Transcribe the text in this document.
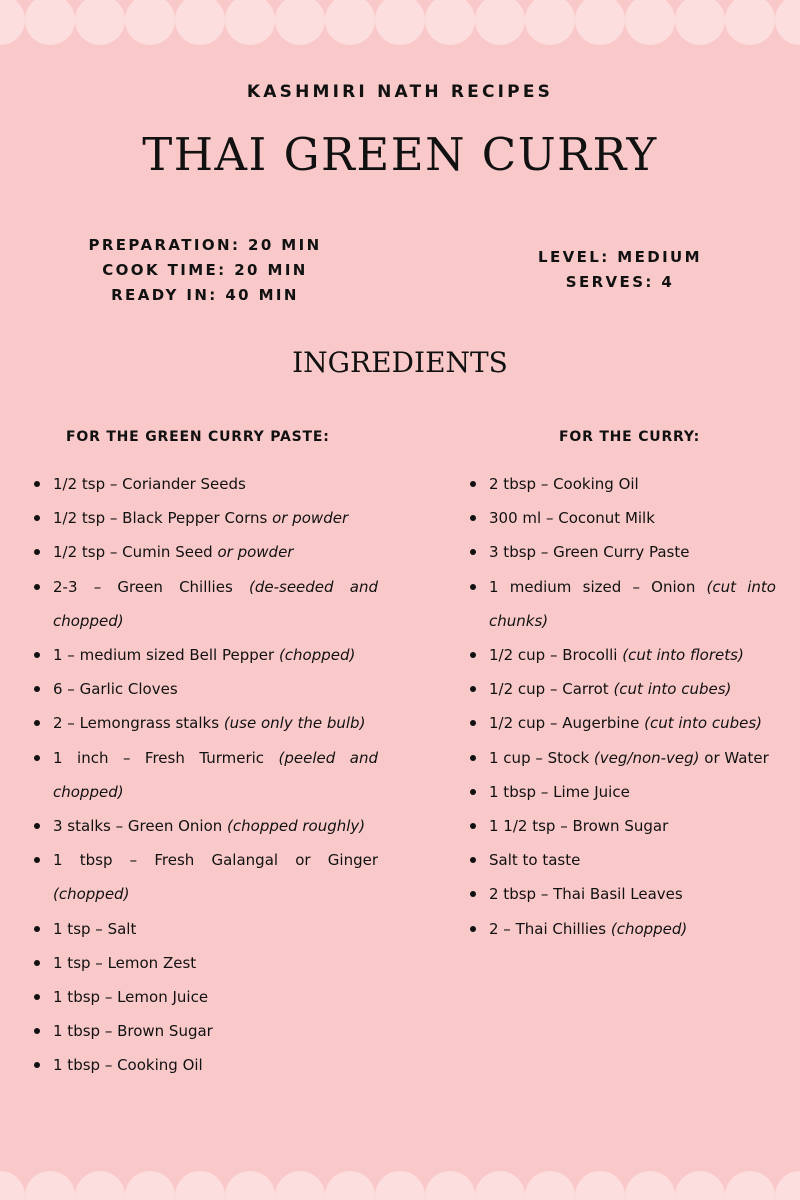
KASHMIRI NATH RECIPES
THAI GREEN CURRY
PREPARATION: 20 MIN
COOK TIME: 20 MIN
READY IN: 40 MIN
LEVEL: MEDIUM
SERVES: 4
INGREDIENTS
FOR THE GREEN CURRY PASTE:	FOR THE CURRY:
1/2 tsp – Coriander Seeds
1/2 tsp – Black Pepper Corns or powder
1/2 tsp – Cumin Seed or powder
2-3 – Green Chillies (de-seeded and chopped)
1 – medium sized Bell Pepper (chopped)
6 – Garlic Cloves
2 – Lemongrass stalks (use only the bulb)
1 inch – Fresh Turmeric (peeled and chopped)
3 stalks – Green Onion (chopped roughly)
1 tbsp – Fresh Galangal or Ginger (chopped)
1 tsp – Salt
1 tsp – Lemon Zest
1 tbsp – Lemon Juice
1 tbsp – Brown Sugar
1 tbsp – Cooking Oil
2 tbsp – Cooking Oil
300 ml – Coconut Milk
3 tbsp – Green Curry Paste
1 medium sized – Onion (cut into chunks)
1/2 cup – Brocolli (cut into florets)
1/2 cup – Carrot (cut into cubes)
1/2 cup – Augerbine (cut into cubes)
1 cup – Stock (veg/non-veg) or Water
1 tbsp – Lime Juice
1 1/2 tsp – Brown Sugar
Salt to taste
2 tbsp – Thai Basil Leaves
2 – Thai Chillies (chopped)
